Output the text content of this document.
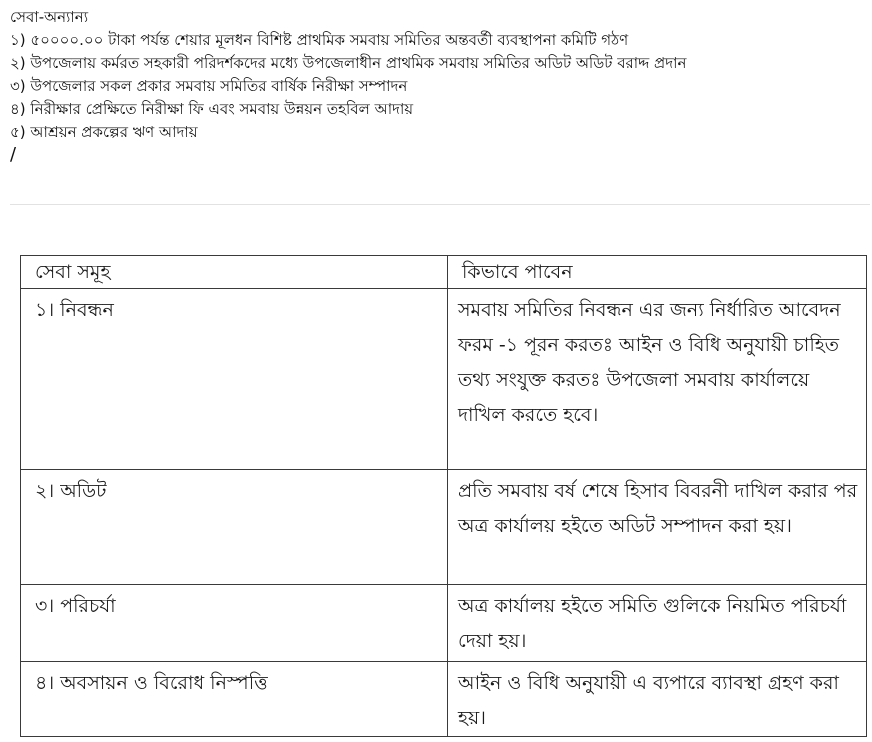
সেবা-অন্যান্য
১) ৫০০০০.০০ টাকা পর্যন্ত শেয়ার মূলধন বিশিষ্ট প্রাথমিক সমবায় সমিতির অন্তবর্তী ব্যবস্থাপনা কমিটি গঠণ
২) উপজেলায় কর্মরত সহকারী পরিদর্শকদের মধ্যে উপজেলাধীন প্রাথমিক সমবায় সমিতির অডিট অডিট বরাদ্দ প্রদান
৩) উপজেলার সকল প্রকার সমবায় সমিতির বার্ষিক নিরীক্ষা সম্পাদন
৪) নিরীক্ষার প্রেক্ষিতে নিরীক্ষা ফি এবং সমবায় উন্নয়ন তহবিল আদায়
৫) আশ্রয়ন প্রকল্পের ঋণ আদায়
/
সেবা সমূহ	কিভাবে পাবেন
১। নিবন্ধন	সমবায় সমিতির নিবন্ধন এর জন্য নির্ধারিত আবেদন ফরম -১ পূরন করতঃ আইন ও বিধি অনুযায়ী চাহিত তথ্য সংযুক্ত করতঃ উপজেলা সমবায় কার্যালয়ে দাখিল করতে হবে।
২। অডিট	প্রতি সমবায় বর্ষ শেষে হিসাব বিবরনী দাখিল করার পর অত্র কার্যালয় হইতে অডিট সম্পাদন করা হয়।
৩। পরিচর্যা	অত্র কার্যালয় হইতে সমিতি গুলিকে নিয়মিত পরিচর্যা দেয়া হয়।
৪। অবসায়ন ও বিরোধ নিস্পত্তি	আইন ও বিধি অনুযায়ী এ ব্যপারে ব্যাবস্থা গ্রহণ করা হয়।
